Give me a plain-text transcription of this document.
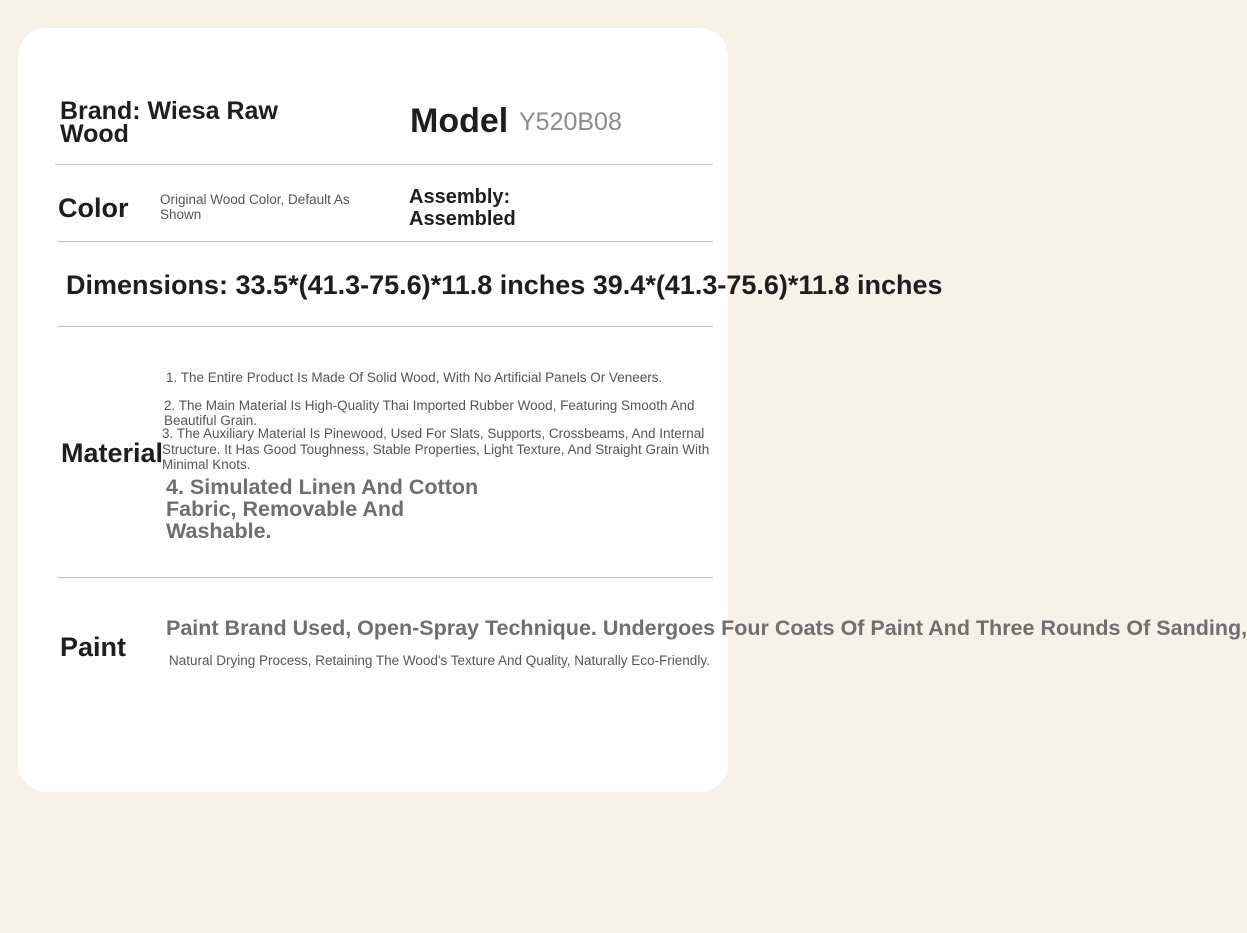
Brand: Wiesa Raw Wood	Model Y520B08
Color Original Wood Color, Default As Shown
Assembly: Assembled
Dimensions: 33.5*(41.3-75.6)*11.8 inches 39.4*(41.3-75.6)*11.8 inches
Material
1. The Entire Product Is Made Of Solid Wood, With No Artificial Panels Or Veneers.
2. The Main Material Is High-Quality Thai Imported Rubber Wood, Featuring Smooth And Beautiful Grain.
3. The Auxiliary Material Is Pinewood, Used For Slats, Supports, Crossbeams, And Internal Structure. It Has Good Toughness, Stable Properties, Light Texture, And Straight Grain With Minimal Knots.
4. Simulated Linen And Cotton Fabric, Removable And Washable.
Paint
Paint Brand Used, Open-Spray Technique. Undergoes Four Coats Of Paint And Three Rounds Of Sanding,
Natural Drying Process, Retaining The Wood's Texture And Quality, Naturally Eco-Friendly.
